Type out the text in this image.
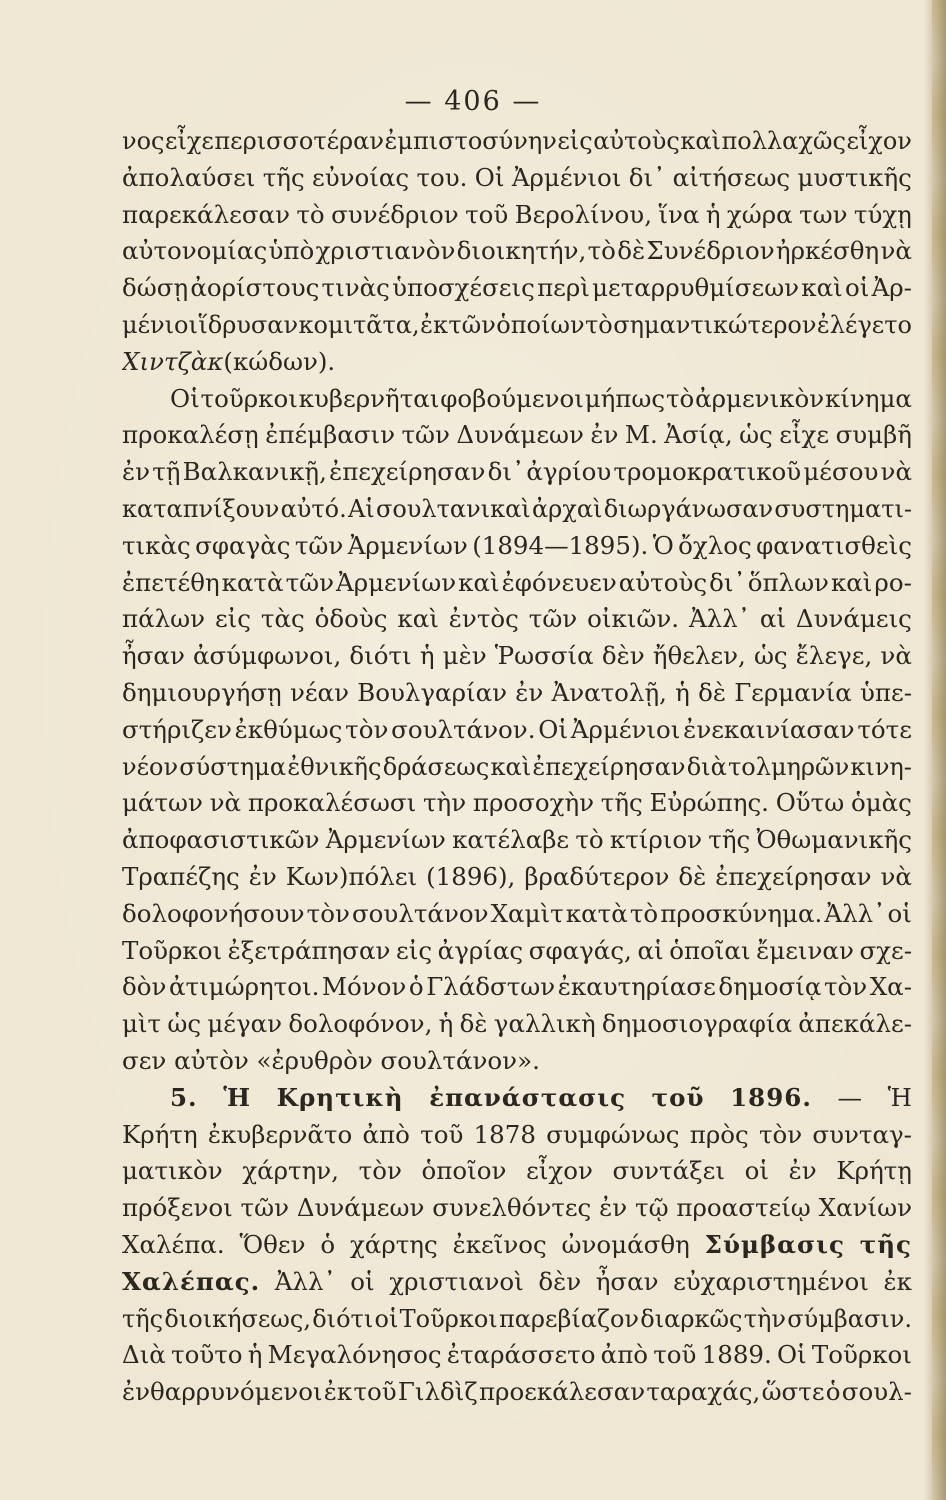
— 406 —
νος εἶχε περισσοτέραν ἐμπιστοσύνην εἰς αὐτοὺς καὶ πολλαχῶς εἶχον
ἀπολαύσει τῆς εὐνοίας του. Οἱ Ἀρμένιοι δι᾽ αἰτήσεως μυστικῆς
παρεκάλεσαν τὸ συνέδριον τοῦ Βερολίνου, ἵνα ἡ χώρα των τύχῃ
αὐτονομίας ὑπὸ χριστιανὸν διοικητήν, τὸ δὲ Συνέδριον ἠρκέσθη νὰ
δώσῃ ἀορίστους τινὰς ὑποσχέσεις περὶ μεταρρυθμίσεων καὶ οἱ Ἀρ-
μένιοι ἵδρυσαν κομιτᾶτα, ἐκ τῶν ὁποίων τὸ σημαντικώτερον ἐλέγετο
Χιντζὰκ (κώδων).
Οἱ τοῦρκοι κυβερνῆται φοβούμενοι μήπως τὸ ἀρμενικὸν κίνημα
προκαλέσῃ ἐπέμβασιν τῶν Δυνάμεων ἐν Μ. Ἀσίᾳ, ὡς εἶχε συμβῆ
ἐν τῇ Βαλκανικῇ, ἐπεχείρησαν δι᾽ ἀγρίου τρομοκρατικοῦ μέσου νὰ
καταπνίξουν αὐτό. Αἱ σουλτανικαὶ ἀρχαὶ διωργάνωσαν συστηματι-
τικὰς σφαγὰς τῶν Ἀρμενίων (1894—1895). Ὁ ὄχλος φανατισθεὶς
ἐπετέθη κατὰ τῶν Ἀρμενίων καὶ ἐφόνευεν αὐτοὺς δι᾽ ὅπλων καὶ ρο-
πάλων εἰς τὰς ὁδοὺς καὶ ἐντὸς τῶν οἰκιῶν. Ἀλλ᾽ αἱ Δυνάμεις
ἦσαν ἀσύμφωνοι, διότι ἡ μὲν Ῥωσσία δὲν ἤθελεν, ὡς ἔλεγε, νὰ
δημιουργήσῃ νέαν Βουλγαρίαν ἐν Ἀνατολῇ, ἡ δὲ Γερμανία ὑπε-
στήριζεν ἐκθύμως τὸν σουλτάνον. Οἱ Ἀρμένιοι ἐνεκαινίασαν τότε
νέον σύστημα ἐθνικῆς δράσεως καὶ ἐπεχείρησαν διὰ τολμηρῶν κινη-
μάτων νὰ προκαλέσωσι τὴν προσοχὴν τῆς Εὐρώπης. Οὕτω ὁμὰς
ἀποφασιστικῶν Ἀρμενίων κατέλαβε τὸ κτίριον τῆς Ὀθωμανικῆς
Τραπέζης ἐν Κων)πόλει (1896), βραδύτερον δὲ ἐπεχείρησαν νὰ
δολοφονήσουν τὸν σουλτάνον Χαμὶτ κατὰ τὸ προσκύνημα. Ἀλλ᾽ οἱ
Τοῦρκοι ἐξετράπησαν εἰς ἀγρίας σφαγάς, αἱ ὁποῖαι ἔμειναν σχε-
δὸν ἀτιμώρητοι. Μόνον ὁ Γλάδστων ἐκαυτηρίασε δημοσίᾳ τὸν Χα-
μὶτ ὡς μέγαν δολοφόνον, ἡ δὲ γαλλικὴ δημοσιογραφία ἀπεκάλε-
σεν αὐτὸν «ἐρυθρὸν σουλτάνον».
5. Ἡ Κρητικὴ ἐπανάστασις τοῦ 1896. — Ἡ
Κρήτη ἐκυβερνᾶτο ἀπὸ τοῦ 1878 συμφώνως πρὸς τὸν συνταγ-
ματικὸν χάρτην, τὸν ὁποῖον εἶχον συντάξει οἱ ἐν Κρήτῃ
πρόξενοι τῶν Δυνάμεων συνελθόντες ἐν τῷ προαστείῳ Χανίων
Χαλέπα. Ὅθεν ὁ χάρτης ἐκεῖνος ὠνομάσθη Σύμβασις τῆς
Χαλέπας. Ἀλλ᾽ οἱ χριστιανοὶ δὲν ἦσαν εὐχαριστημένοι ἐκ
τῆς διοικήσεως, διότι οἱ Τοῦρκοι παρεβίαζον διαρκῶς τὴν σύμβασιν.
Διὰ τοῦτο ἡ Μεγαλόνησος ἐταράσσετο ἀπὸ τοῦ 1889. Οἱ Τοῦρκοι
ἐνθαρρυνόμενοι ἐκ τοῦ Γιλδὶζ προεκάλεσαν ταραχάς, ὥστε ὁ σουλ-
